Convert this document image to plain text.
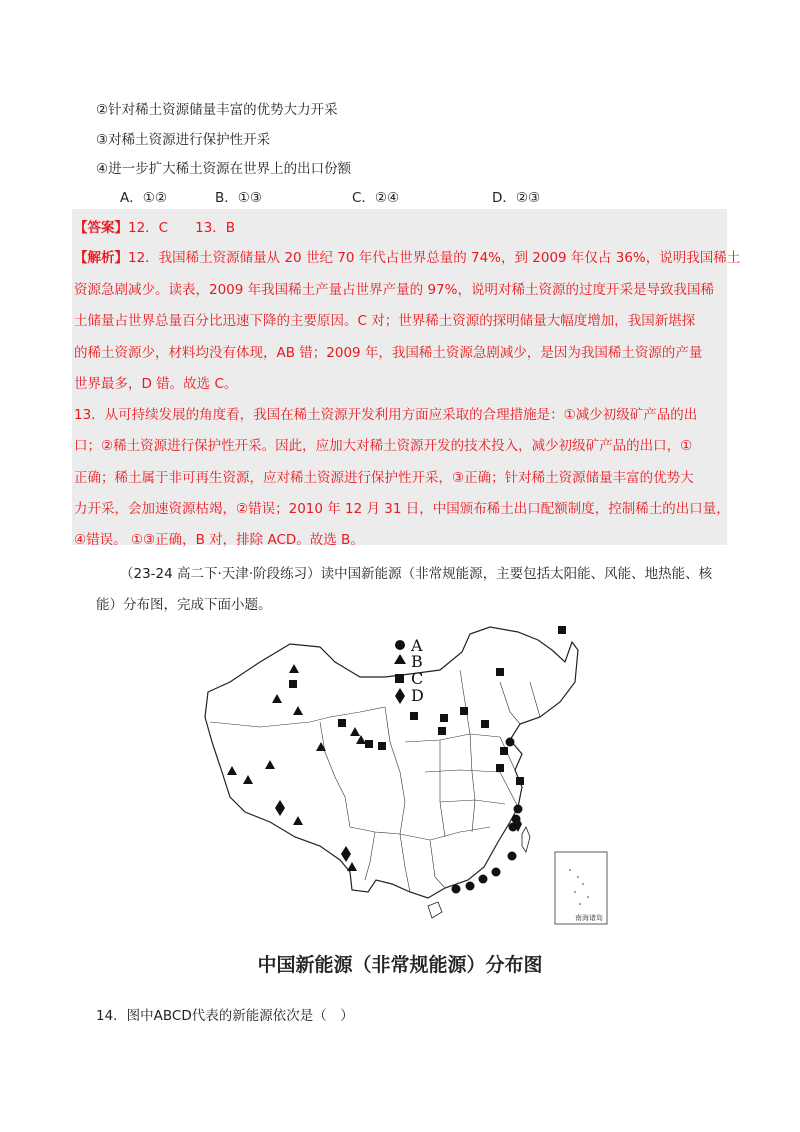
②针对稀土资源储量丰富的优势大力开采
③对稀土资源进行保护性开采
④进一步扩大稀土资源在世界上的出口份额
A．①②	B．①③	C．②④	D．②③
【答案】12．C　　13．B
【解析】12．我国稀土资源储量从 20 世纪 70 年代占世界总量的 74%，到 2009 年仅占 36%，说明我国稀土
资源急剧减少。读表，2009 年我国稀土产量占世界产量的 97%，说明对稀土资源的过度开采是导致我国稀
土储量占世界总量百分比迅速下降的主要原因。C 对；世界稀土资源的探明储量大幅度增加，我国新堪探
的稀土资源少，材料均没有体现，AB 错；2009 年，我国稀土资源急剧减少，是因为我国稀土资源的产量
世界最多，D 错。故选 C。
13．从可持续发展的角度看，我国在稀土资源开发利用方面应采取的合理措施是：①减少初级矿产品的出
口；②稀土资源进行保护性开采。因此，应加大对稀土资源开发的技术投入，减少初级矿产品的出口，①
正确；稀土属于非可再生资源，应对稀土资源进行保护性开采，③正确；针对稀土资源储量丰富的优势大
力开采，会加速资源枯竭，②错误；2010 年 12 月 31 日，中国颁布稀土出口配额制度，控制稀土的出口量，
④错误。 ①③正确，B 对，排除 ACD。故选 B。
（23-24 高二下·天津·阶段练习）读中国新能源（非常规能源，主要包括太阳能、风能、地热能、核
能）分布图，完成下面小题。
南海诸岛
A
B
C
D
中国新能源（非常规能源）分布图
14．图中ABCD代表的新能源依次是（　）
